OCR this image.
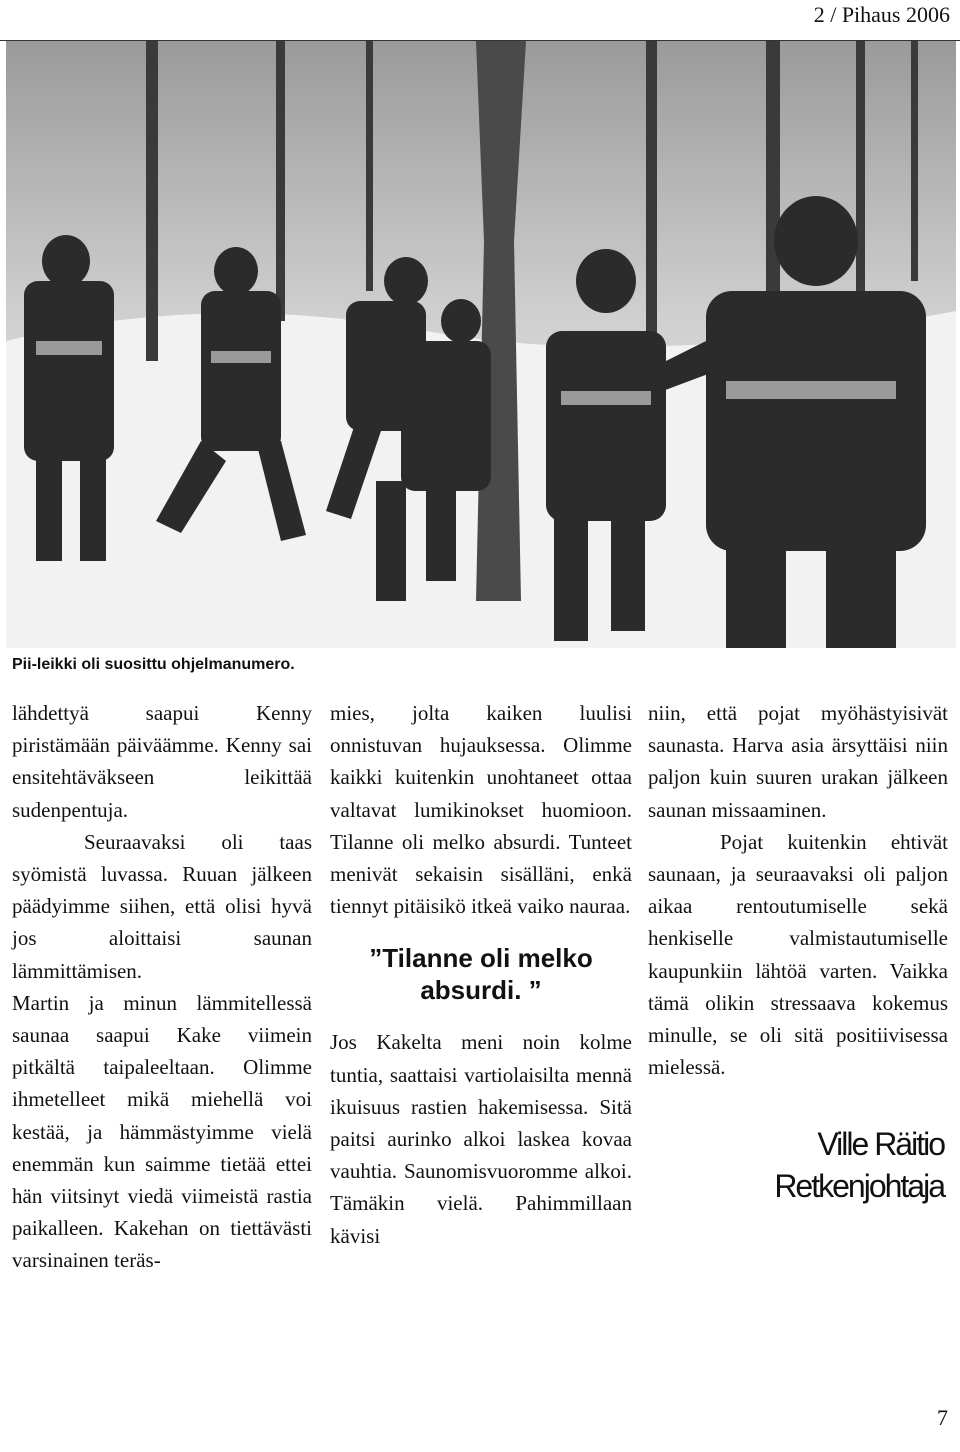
2 / Pihaus 2006
Pii-leikki oli suosittu ohjelmanumero.

lähdettyä saapui Kenny piristämään päiväämme. Kenny sai ensitehtäväkseen leikittää sudenpentuja.

Seuraavaksi oli taas syömistä luvassa. Ruuan jälkeen päädyimme siihen, että olisi hyvä jos aloittaisi saunan lämmittämisen.

Martin ja minun lämmitellessä saunaa saapui Kake viimein pitkältä taipaleeltaan. Olimme ihmetelleet mikä miehellä voi kestää, ja hämmästyimme vielä enemmän kun saimme tietää ettei hän viitsinyt viedä viimeistä rastia paikalleen. Kakehan on tiettävästi varsinainen teräs-

mies, jolta kaiken luulisi onnistuvan hujauksessa. Olimme kaikki kuitenkin unohtaneet ottaa valtavat lumikinokset huomioon. Tilanne oli melko absurdi. Tunteet menivät sekaisin sisälläni, enkä tiennyt pitäisikö itkeä vaiko nauraa.

”Tilanne oli melko absurdi. ”

Jos Kakelta meni noin kolme tuntia, saattaisi vartiolaisilta mennä ikuisuus rastien hakemisessa. Sitä paitsi aurinko alkoi laskea kovaa vauhtia. Saunomisvuoromme alkoi. Tämäkin vielä. Pahimmillaan kävisi

niin, että pojat myöhästyisivät saunasta. Harva asia ärsyttäisi niin paljon kuin suuren urakan jälkeen saunan missaaminen.

Pojat kuitenkin ehtivät saunaan, ja seuraavaksi oli paljon aikaa rentoutumiselle sekä henkiselle valmistautumiselle kaupunkiin lähtöä varten. Vaikka tämä olikin stressaava kokemus minulle, se oli sitä positiivisessa mielessä.

Ville Räitio
Retkenjohtaja
7
